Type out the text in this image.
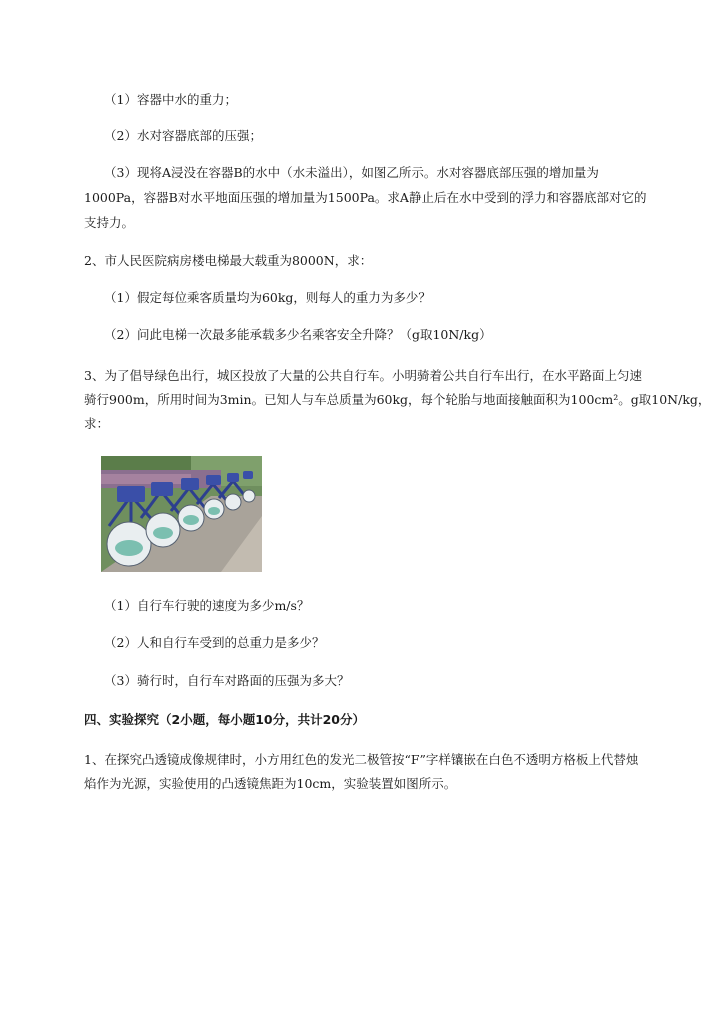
（1）容器中水的重力；
（2）水对容器底部的压强；
（3）现将A浸没在容器B的水中（水未溢出），如图乙所示。水对容器底部压强的增加量为
1000Pa，容器B对水平地面压强的增加量为1500Pa。求A静止后在水中受到的浮力和容器底部对它的
支持力。
2、市人民医院病房楼电梯最大载重为8000N，求：
（1）假定每位乘客质量均为60kg，则每人的重力为多少？
（2）问此电梯一次最多能承载多少名乘客安全升降？（g取10N/kg）
3、为了倡导绿色出行，城区投放了大量的公共自行车。小明骑着公共自行车出行，在水平路面上匀速
骑行900m，所用时间为3min。已知人与车总质量为60kg，每个轮胎与地面接触面积为100cm²。g取10N/kg，
求：
（1）自行车行驶的速度为多少m/s？
（2）人和自行车受到的总重力是多少？
（3）骑行时，自行车对路面的压强为多大？
四、实验探究（2小题，每小题10分，共计20分）
1、在探究凸透镜成像规律时，小方用红色的发光二极管按“F”字样镶嵌在白色不透明方格板上代替烛
焰作为光源，实验使用的凸透镜焦距为10cm，实验装置如图所示。
